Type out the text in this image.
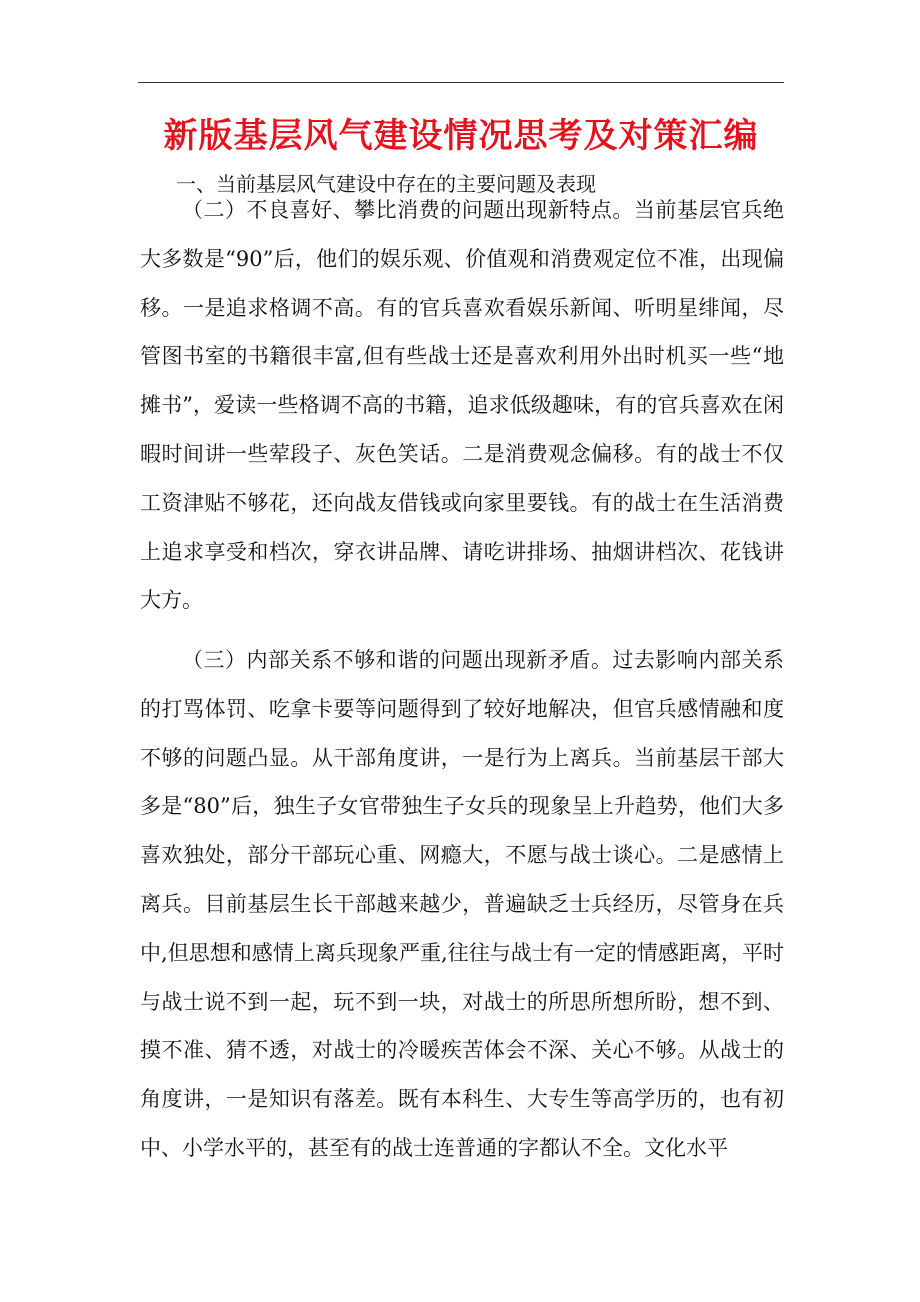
新版基层风气建设情况思考及对策汇编
一、当前基层风气建设中存在的主要问题及表现

（二）不良喜好、攀比消费的问题出现新特点。当前基层官兵绝大多数是“90”后，他们的娱乐观、价值观和消费观定位不准，出现偏移。一是追求格调不高。有的官兵喜欢看娱乐新闻、听明星绯闻，尽管图书室的书籍很丰富,但有些战士还是喜欢利用外出时机买一些“地摊书”，爱读一些格调不高的书籍，追求低级趣味，有的官兵喜欢在闲暇时间讲一些荤段子、灰色笑话。二是消费观念偏移。有的战士不仅工资津贴不够花，还向战友借钱或向家里要钱。有的战士在生活消费上追求享受和档次，穿衣讲品牌、请吃讲排场、抽烟讲档次、花钱讲大方。

（三）内部关系不够和谐的问题出现新矛盾。过去影响内部关系的打骂体罚、吃拿卡要等问题得到了较好地解决，但官兵感情融和度不够的问题凸显。从干部角度讲，一是行为上离兵。当前基层干部大多是“80”后，独生子女官带独生子女兵的现象呈上升趋势，他们大多喜欢独处，部分干部玩心重、网瘾大，不愿与战士谈心。二是感情上离兵。目前基层生长干部越来越少，普遍缺乏士兵经历，尽管身在兵中,但思想和感情上离兵现象严重,往往与战士有一定的情感距离，平时与战士说不到一起，玩不到一块，对战士的所思所想所盼，想不到、摸不准、猜不透，对战士的冷暖疾苦体会不深、关心不够。从战士的角度讲，一是知识有落差。既有本科生、大专生等高学历的，也有初中、小学水平的，甚至有的战士连普通的字都认不全。文化水平
